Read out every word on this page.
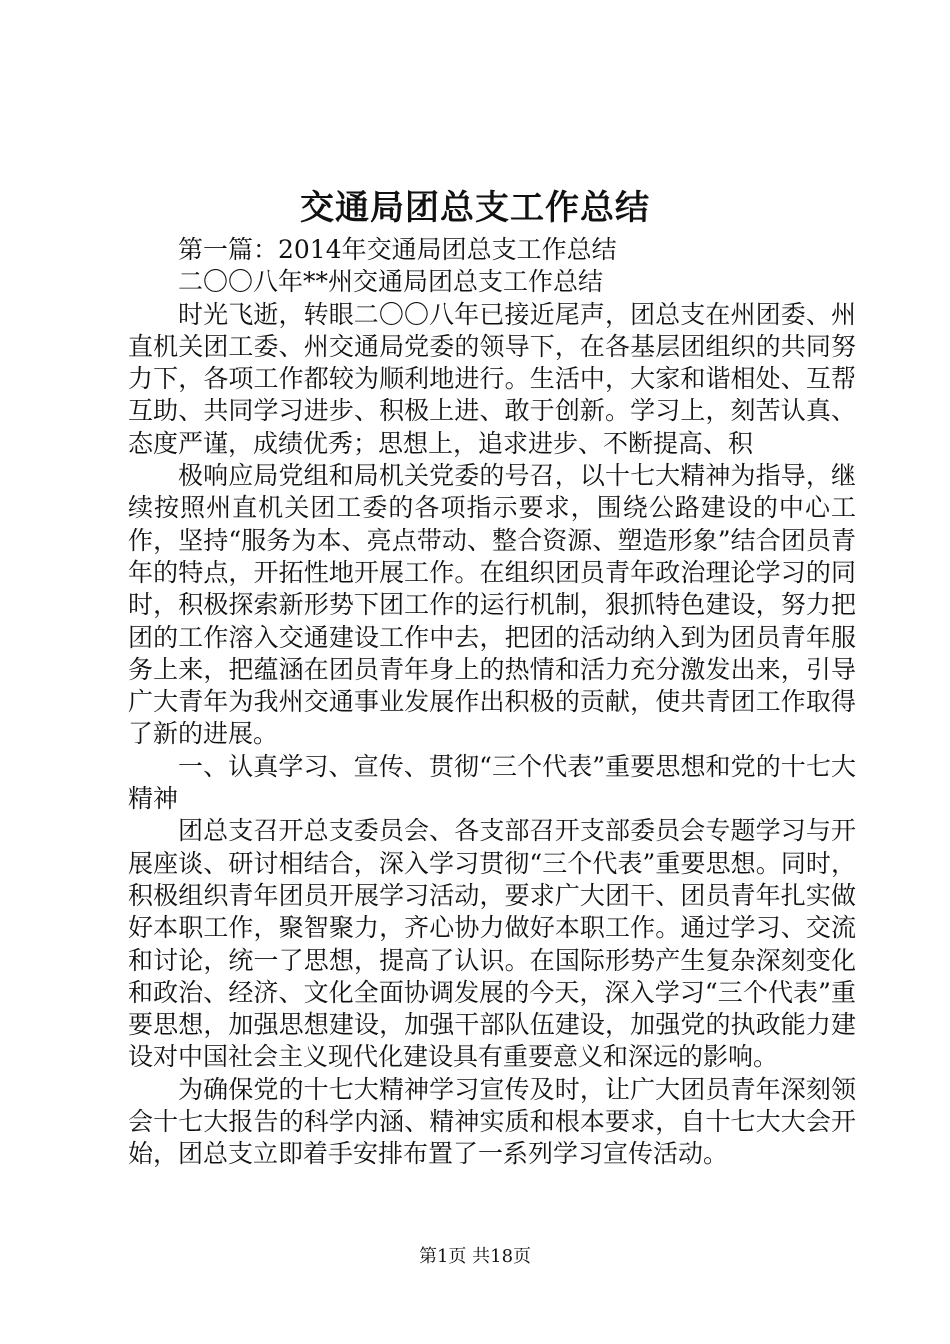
交通局团总支工作总结

第一篇：2014年交通局团总支工作总结

二〇〇八年**州交通局团总支工作总结

时光飞逝，转眼二〇〇八年已接近尾声，团总支在州团委、州直机关团工委、州交通局党委的领导下，在各基层团组织的共同努力下，各项工作都较为顺利地进行。生活中，大家和谐相处、互帮互助、共同学习进步、积极上进、敢于创新。学习上，刻苦认真、态度严谨，成绩优秀；思想上，追求进步、不断提高、积

极响应局党组和局机关党委的号召，以十七大精神为指导，继续按照州直机关团工委的各项指示要求，围绕公路建设的中心工作，坚持“服务为本、亮点带动、整合资源、塑造形象”结合团员青年的特点，开拓性地开展工作。在组织团员青年政治理论学习的同时，积极探索新形势下团工作的运行机制，狠抓特色建设，努力把团的工作溶入交通建设工作中去，把团的活动纳入到为团员青年服务上来，把蕴涵在团员青年身上的热情和活力充分激发出来，引导广大青年为我州交通事业发展作出积极的贡献，使共青团工作取得了新的进展。

一、认真学习、宣传、贯彻“三个代表”重要思想和党的十七大精神

团总支召开总支委员会、各支部召开支部委员会专题学习与开展座谈、研讨相结合，深入学习贯彻“三个代表”重要思想。同时，积极组织青年团员开展学习活动，要求广大团干、团员青年扎实做好本职工作，聚智聚力，齐心协力做好本职工作。通过学习、交流和讨论，统一了思想，提高了认识。在国际形势产生复杂深刻变化和政治、经济、文化全面协调发展的今天，深入学习“三个代表”重要思想，加强思想建设，加强干部队伍建设，加强党的执政能力建设对中国社会主义现代化建设具有重要意义和深远的影响。

为确保党的十七大精神学习宣传及时，让广大团员青年深刻领会十七大报告的科学内涵、精神实质和根本要求，自十七大大会开始，团总支立即着手安排布置了一系列学习宣传活动。

第1页 共18页
